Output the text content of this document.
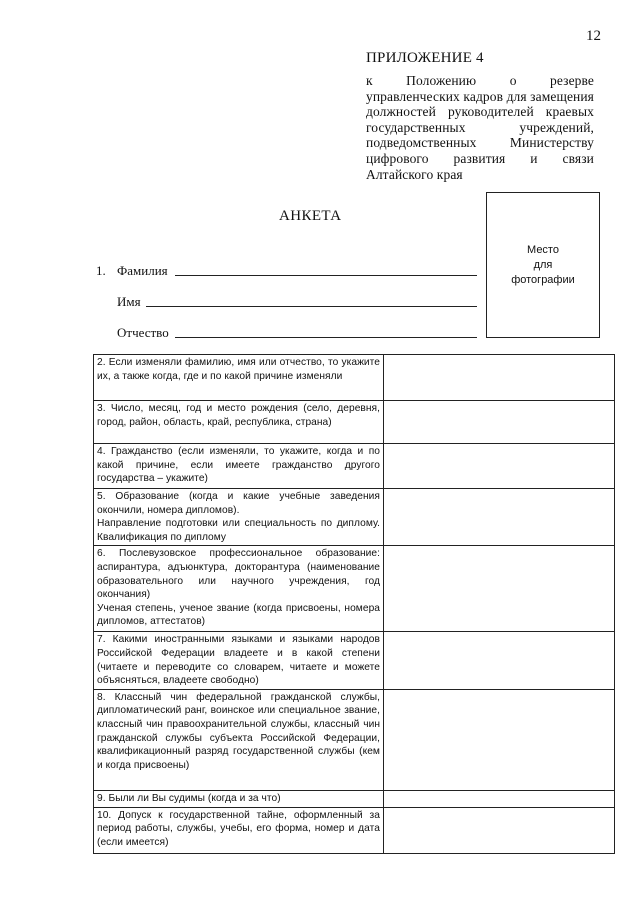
12
ПРИЛОЖЕНИЕ 4
к Положению о резерве управленческих кадров для замещения должностей руководителей краевых государственных учреждений, подведомственных Министерству цифрового развития и связи Алтайского края
АНКЕТА
Место
для
фотографии
1. Фамилия
Имя
Отчество
2. Если изменяли фамилию, имя или отчество, то укажите их, а также когда, где и по какой причине изменяли	
3. Число, месяц, год и место рождения (село, деревня, город, район, область, край, республика, страна)	
4. Гражданство (если изменяли, то укажите, когда и по какой причине, если имеете гражданство другого государства – укажите)	

5. Образование (когда и какие учебные заведения окончили, номера дипломов).
Направление подготовки или специальность по диплому. Квалификация по диплому	

6. Послевузовское профессиональное образование: аспирантура, адъюнктура, докторантура (наименование образовательного или научного учреждения, год окончания)
Ученая степень, ученое звание (когда присвоены, номера дипломов, аттестатов)	

7. Какими иностранными языками и языками народов Российской Федерации владеете и в какой степени (читаете и переводите со словарем, читаете и можете объясняться, владеете свободно)	
8. Классный чин федеральной гражданской службы, дипломатический ранг, воинское или специальное звание, классный чин правоохранительной службы, классный чин гражданской службы субъекта Российской Федерации, квалификационный разряд государственной службы (кем и когда присвоены)	
9. Были ли Вы судимы (когда и за что)	
10. Допуск к государственной тайне, оформленный за период работы, службы, учебы, его форма, номер и дата (если имеется)	
